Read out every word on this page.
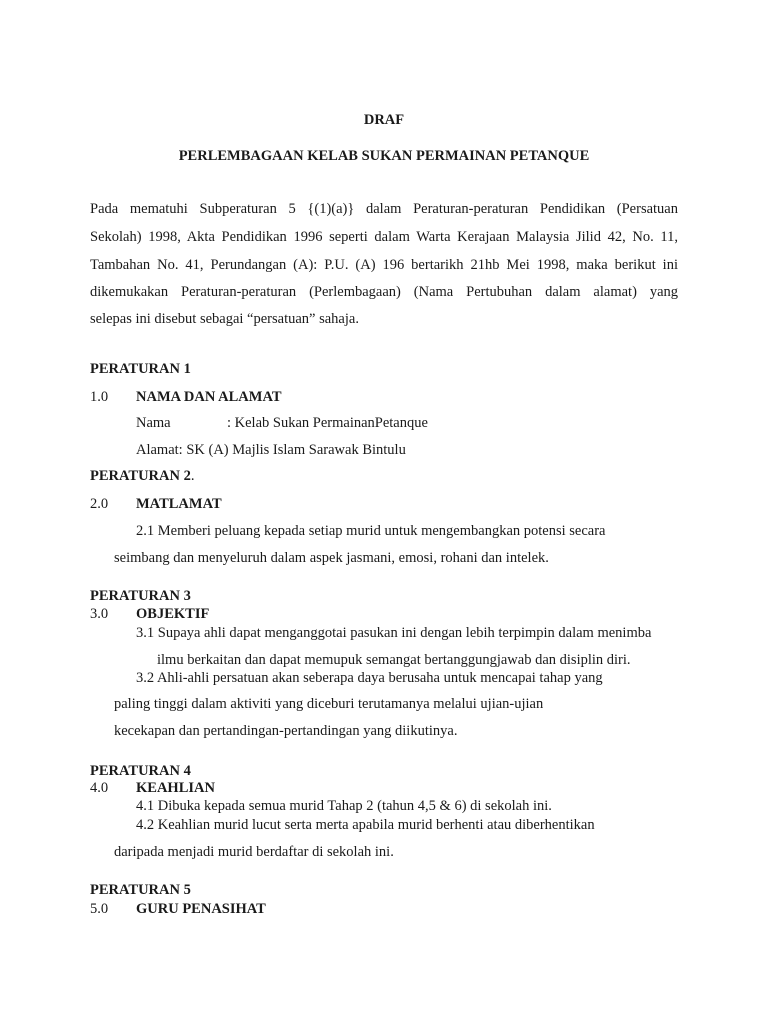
DRAF
PERLEMBAGAAN KELAB SUKAN PERMAINAN PETANQUE
Pada mematuhi Subperaturan 5 {(1)(a)} dalam Peraturan-peraturan Pendidikan (Persatuan
Sekolah) 1998, Akta Pendidikan 1996 seperti dalam Warta Kerajaan Malaysia Jilid 42, No. 11,
Tambahan No. 41, Perundangan (A): P.U. (A) 196 bertarikh 21hb Mei 1998, maka berikut ini
dikemukakan Peraturan-peraturan (Perlembagaan) (Nama Pertubuhan dalam alamat) yang
selepas ini disebut sebagai “persatuan” sahaja.
PERATURAN 1
1.0 NAMA DAN ALAMAT
Nama	: Kelab Sukan PermainanPetanque
Alamat: SK (A) Majlis Islam Sarawak Bintulu
PERATURAN 2.
2.0 MATLAMAT
2.1 Memberi peluang kepada setiap murid untuk mengembangkan potensi secara
seimbang dan menyeluruh dalam aspek jasmani, emosi, rohani dan intelek.
PERATURAN 3
3.0 OBJEKTIF
3.1 Supaya ahli dapat menganggotai pasukan ini dengan lebih terpimpin dalam menimba
ilmu berkaitan dan dapat memupuk semangat bertanggungjawab dan disiplin diri.
3.2 Ahli-ahli persatuan akan seberapa daya berusaha untuk mencapai tahap yang
paling tinggi dalam aktiviti yang diceburi terutamanya melalui ujian-ujian
kecekapan dan pertandingan-pertandingan yang diikutinya.
PERATURAN 4
4.0 KEAHLIAN
4.1 Dibuka kepada semua murid Tahap 2 (tahun 4,5 & 6) di sekolah ini.
4.2 Keahlian murid lucut serta merta apabila murid berhenti atau diberhentikan
daripada menjadi murid berdaftar di sekolah ini.
PERATURAN 5
5.0 GURU PENASIHAT
